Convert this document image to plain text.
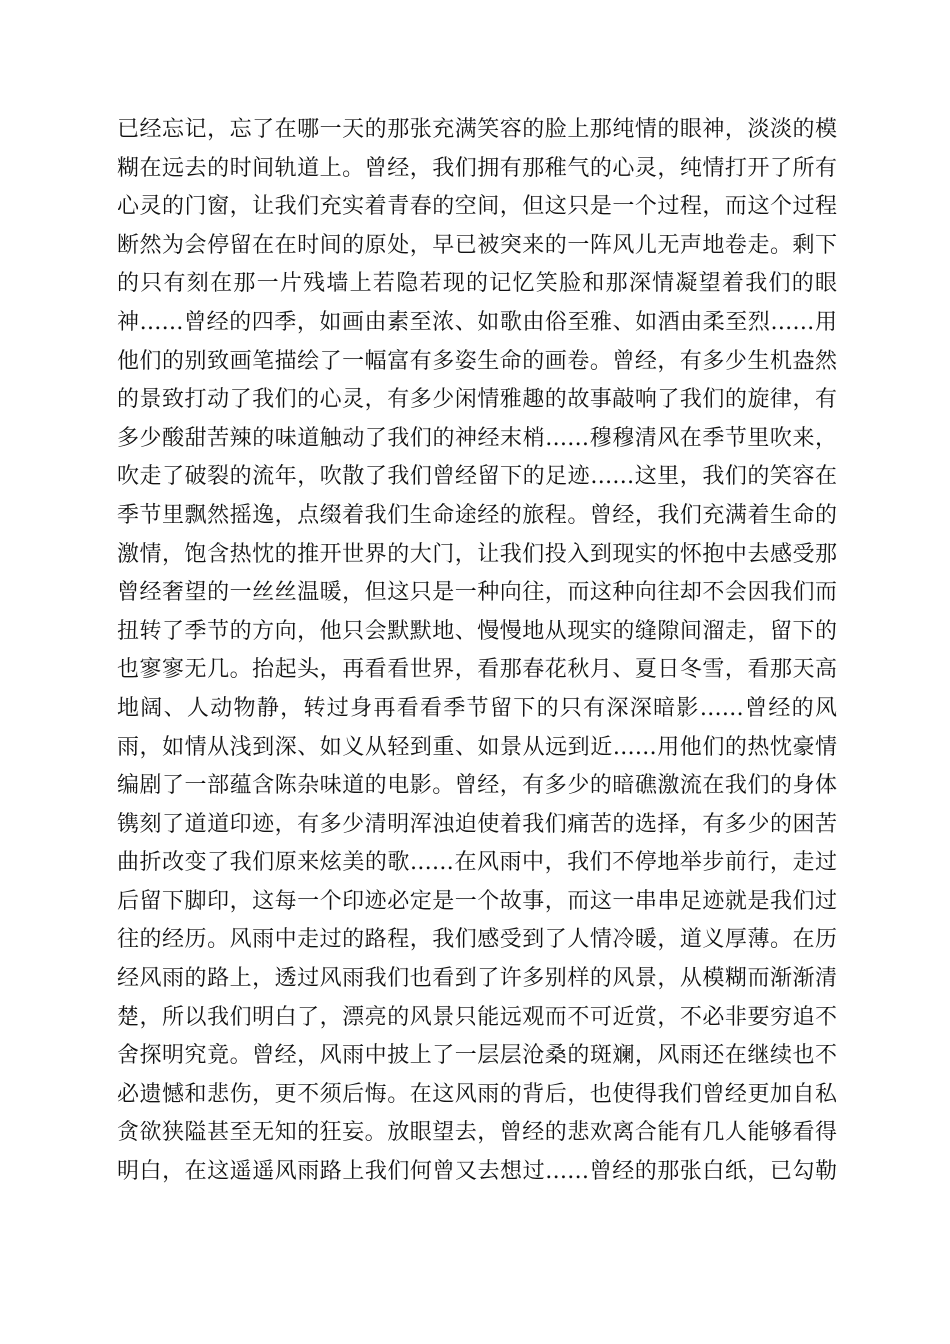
已经忘记，忘了在哪一天的那张充满笑容的脸上那纯情的眼神，淡淡的模
糊在远去的时间轨道上。曾经，我们拥有那稚气的心灵，纯情打开了所有
心灵的门窗，让我们充实着青春的空间，但这只是一个过程，而这个过程
断然为会停留在在时间的原处，早已被突来的一阵风儿无声地卷走。剩下
的只有刻在那一片残墙上若隐若现的记忆笑脸和那深情凝望着我们的眼
神……曾经的四季，如画由素至浓、如歌由俗至雅、如酒由柔至烈……用
他们的别致画笔描绘了一幅富有多姿生命的画卷。曾经，有多少生机盎然
的景致打动了我们的心灵，有多少闲情雅趣的故事敲响了我们的旋律，有
多少酸甜苦辣的味道触动了我们的神经末梢……穆穆清风在季节里吹来，
吹走了破裂的流年，吹散了我们曾经留下的足迹……这里，我们的笑容在
季节里飘然摇逸，点缀着我们生命途经的旅程。曾经，我们充满着生命的
激情，饱含热忱的推开世界的大门，让我们投入到现实的怀抱中去感受那
曾经奢望的一丝丝温暖，但这只是一种向往，而这种向往却不会因我们而
扭转了季节的方向，他只会默默地、慢慢地从现实的缝隙间溜走，留下的
也寥寥无几。抬起头，再看看世界，看那春花秋月、夏日冬雪，看那天高
地阔、人动物静，转过身再看看季节留下的只有深深暗影……曾经的风
雨，如情从浅到深、如义从轻到重、如景从远到近……用他们的热忱豪情
编剧了一部蕴含陈杂味道的电影。曾经，有多少的暗礁激流在我们的身体
镌刻了道道印迹，有多少清明浑浊迫使着我们痛苦的选择，有多少的困苦
曲折改变了我们原来炫美的歌……在风雨中，我们不停地举步前行，走过
后留下脚印，这每一个印迹必定是一个故事，而这一串串足迹就是我们过
往的经历。风雨中走过的路程，我们感受到了人情冷暖，道义厚薄。在历
经风雨的路上，透过风雨我们也看到了许多别样的风景，从模糊而渐渐清
楚，所以我们明白了，漂亮的风景只能远观而不可近赏，不必非要穷追不
舍探明究竟。曾经，风雨中披上了一层层沧桑的斑斓，风雨还在继续也不
必遗憾和悲伤，更不须后悔。在这风雨的背后，也使得我们曾经更加自私
贪欲狭隘甚至无知的狂妄。放眼望去，曾经的悲欢离合能有几人能够看得
明白，在这遥遥风雨路上我们何曾又去想过……曾经的那张白纸，已勾勒
